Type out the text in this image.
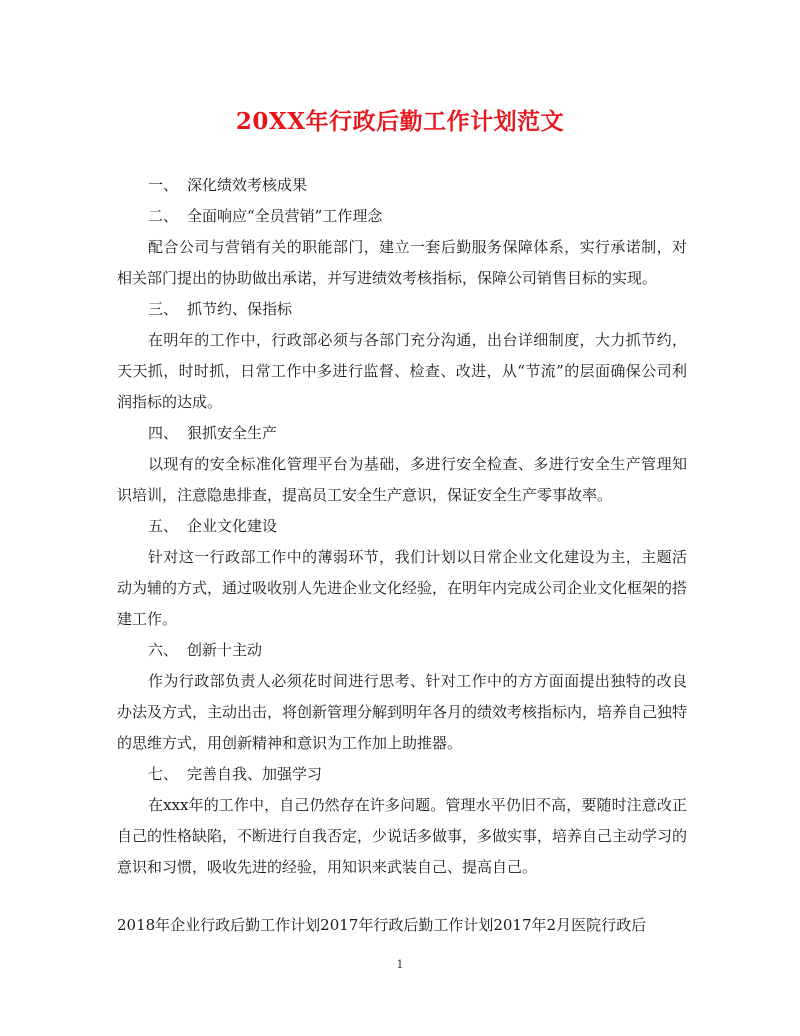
20XX年行政后勤工作计划范文
一、 深化绩效考核成果
二、 全面响应“全员营销”工作理念
配合公司与营销有关的职能部门，建立一套后勤服务保障体系，实行承诺制，对相关部门提出的协助做出承诺，并写进绩效考核指标，保障公司销售目标的实现。
三、 抓节约、保指标
在明年的工作中，行政部必须与各部门充分沟通，出台详细制度，大力抓节约，天天抓，时时抓，日常工作中多进行监督、检查、改进，从“节流”的层面确保公司利润指标的达成。
四、 狠抓安全生产
以现有的安全标准化管理平台为基础，多进行安全检查、多进行安全生产管理知识培训，注意隐患排查，提高员工安全生产意识，保证安全生产零事故率。
五、 企业文化建设
针对这一行政部工作中的薄弱环节，我们计划以日常企业文化建设为主，主题活动为辅的方式，通过吸收别人先进企业文化经验，在明年内完成公司企业文化框架的搭建工作。
六、 创新十主动
作为行政部负责人必须花时间进行思考、针对工作中的方方面面提出独特的改良办法及方式，主动出击，将创新管理分解到明年各月的绩效考核指标内，培养自己独特的思维方式，用创新精神和意识为工作加上助推器。
七、 完善自我、加强学习
在xxx年的工作中，自己仍然存在许多问题。管理水平仍旧不高，要随时注意改正自己的性格缺陷，不断进行自我否定，少说话多做事，多做实事，培养自己主动学习的意识和习惯，吸收先进的经验，用知识来武装自己、提高自己。
2018年企业行政后勤工作计划2017年行政后勤工作计划2017年2月医院行政后
1
